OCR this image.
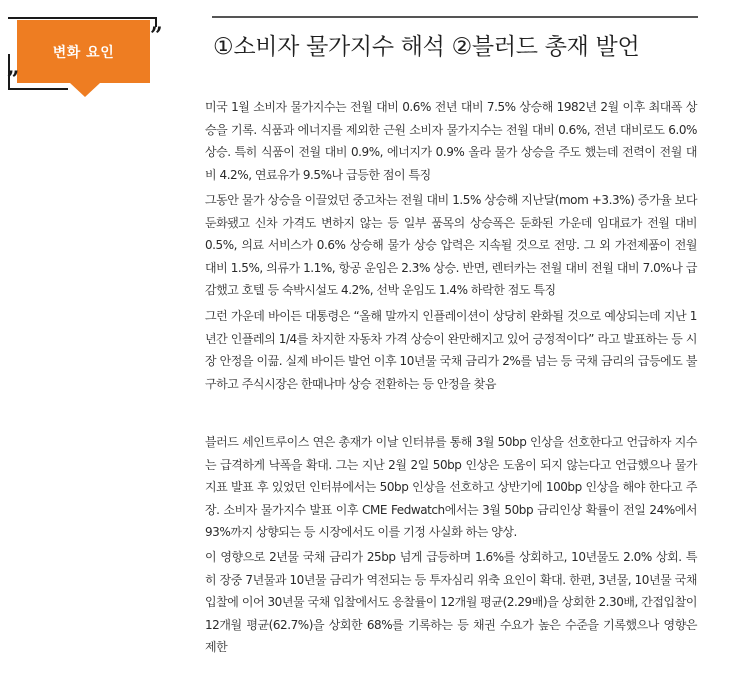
변화 요인
”
„
①소비자 물가지수 해석 ②블러드 총재 발언

미국 1월 소비자 물가지수는 전월 대비 0.6% 전년 대비 7.5% 상승해 1982년 2월 이후 최대폭 상승을 기록. 식품과 에너지를 제외한 근원 소비자 물가지수는 전월 대비 0.6%, 전년 대비로도 6.0% 상승. 특히 식품이 전월 대비 0.9%, 에너지가 0.9% 올라 물가 상승을 주도 했는데 전력이 전월 대비 4.2%, 연료유가 9.5%나 급등한 점이 특징

그동안 물가 상승을 이끌었던 중고차는 전월 대비 1.5% 상승해 지난달(mom +3.3%) 증가율 보다 둔화됐고 신차 가격도 변하지 않는 등 일부 품목의 상승폭은 둔화된 가운데 임대료가 전월 대비 0.5%, 의료 서비스가 0.6% 상승해 물가 상승 압력은 지속될 것으로 전망. 그 외 가전제품이 전월 대비 1.5%, 의류가 1.1%, 항공 운임은 2.3% 상승. 반면, 렌터카는 전월 대비 전월 대비 7.0%나 급감했고 호텔 등 숙박시설도 4.2%, 선박 운임도 1.4% 하락한 점도 특징

그런 가운데 바이든 대통령은 “올해 말까지 인플레이션이 상당히 완화될 것으로 예상되는데 지난 1년간 인플레의 1/4를 차지한 자동차 가격 상승이 완만해지고 있어 긍정적이다” 라고 발표하는 등 시장 안정을 이끎. 실제 바이든 발언 이후 10년물 국채 금리가 2%를 넘는 등 국채 금리의 급등에도 불구하고 주식시장은 한때나마 상승 전환하는 등 안정을 찾음

블러드 세인트루이스 연은 총재가 이날 인터뷰를 통해 3월 50bp 인상을 선호한다고 언급하자 지수는 급격하게 낙폭을 확대. 그는 지난 2월 2일 50bp 인상은 도움이 되지 않는다고 언급했으나 물가지표 발표 후 있었던 인터뷰에서는 50bp 인상을 선호하고 상반기에 100bp 인상을 해야 한다고 주장. 소비자 물가지수 발표 이후 CME Fedwatch에서는 3월 50bp 금리인상 확률이 전일 24%에서 93%까지 상향되는 등 시장에서도 이를 기정 사실화 하는 양상.

이 영향으로 2년물 국채 금리가 25bp 넘게 급등하며 1.6%를 상회하고, 10년물도 2.0% 상회. 특히 장중 7년물과 10년물 금리가 역전되는 등 투자심리 위축 요인이 확대. 한편, 3년물, 10년물 국채 입찰에 이어 30년물 국채 입찰에서도 응찰률이 12개월 평균(2.29배)을 상회한 2.30배, 간접입찰이 12개월 평균(62.7%)을 상회한 68%를 기록하는 등 채권 수요가 높은 수준을 기록했으나 영향은 제한
